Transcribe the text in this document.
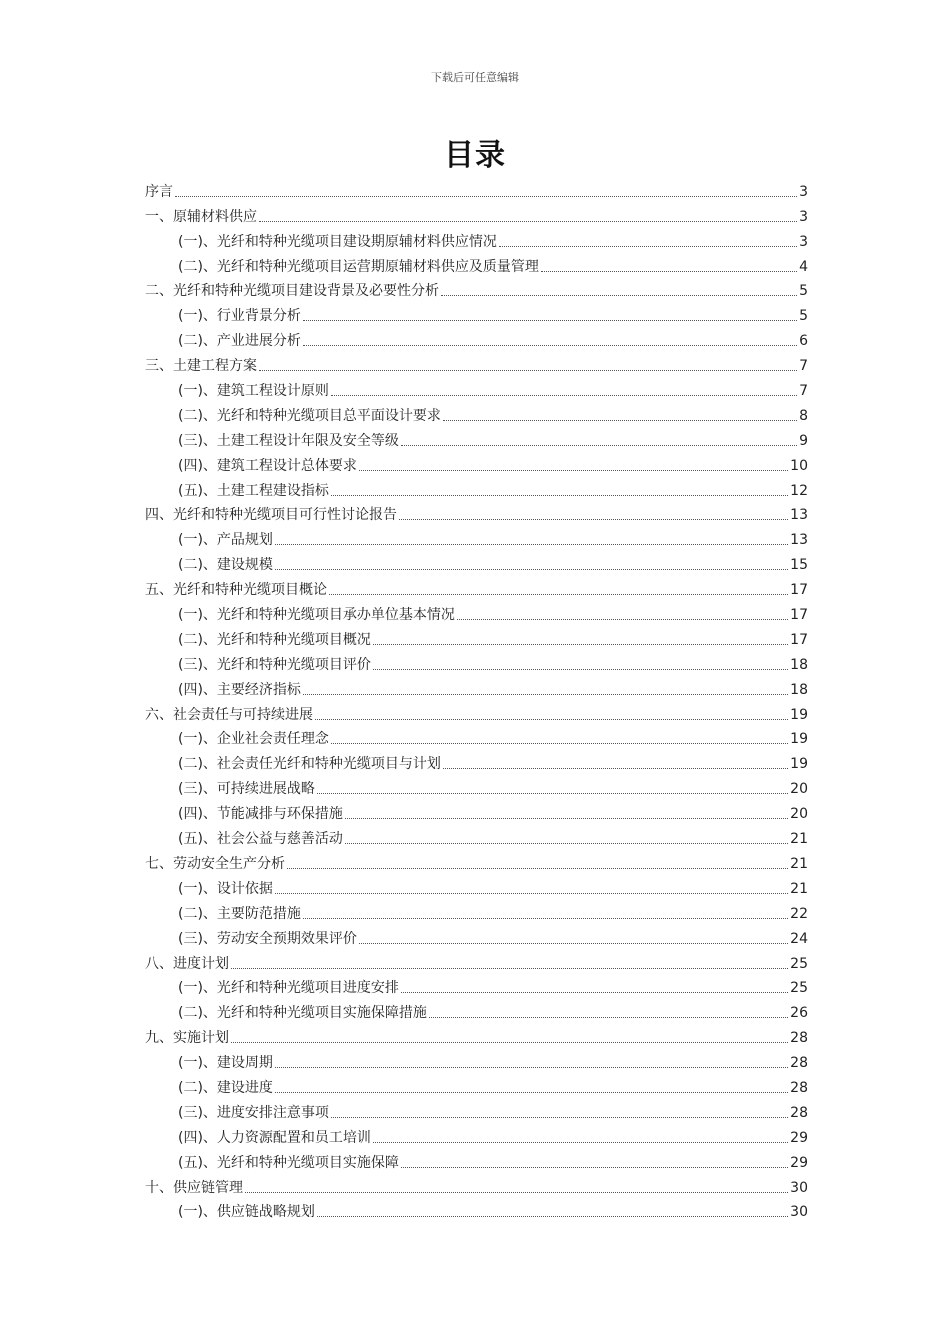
下载后可任意编辑
目录
序言	3
一、原辅材料供应	3
(一)、光纤和特种光缆项目建设期原辅材料供应情况	3
(二)、光纤和特种光缆项目运营期原辅材料供应及质量管理	4
二、光纤和特种光缆项目建设背景及必要性分析	5
(一)、行业背景分析	5
(二)、产业进展分析	6
三、土建工程方案	7
(一)、建筑工程设计原则	7
(二)、光纤和特种光缆项目总平面设计要求	8
(三)、土建工程设计年限及安全等级	9
(四)、建筑工程设计总体要求	10
(五)、土建工程建设指标	12
四、光纤和特种光缆项目可行性讨论报告	13
(一)、产品规划	13
(二)、建设规模	15
五、光纤和特种光缆项目概论	17
(一)、光纤和特种光缆项目承办单位基本情况	17
(二)、光纤和特种光缆项目概况	17
(三)、光纤和特种光缆项目评价	18
(四)、主要经济指标	18
六、社会责任与可持续进展	19
(一)、企业社会责任理念	19
(二)、社会责任光纤和特种光缆项目与计划	19
(三)、可持续进展战略	20
(四)、节能减排与环保措施	20
(五)、社会公益与慈善活动	21
七、劳动安全生产分析	21
(一)、设计依据	21
(二)、主要防范措施	22
(三)、劳动安全预期效果评价	24
八、进度计划	25
(一)、光纤和特种光缆项目进度安排	25
(二)、光纤和特种光缆项目实施保障措施	26
九、实施计划	28
(一)、建设周期	28
(二)、建设进度	28
(三)、进度安排注意事项	28
(四)、人力资源配置和员工培训	29
(五)、光纤和特种光缆项目实施保障	29
十、供应链管理	30
(一)、供应链战略规划	30
